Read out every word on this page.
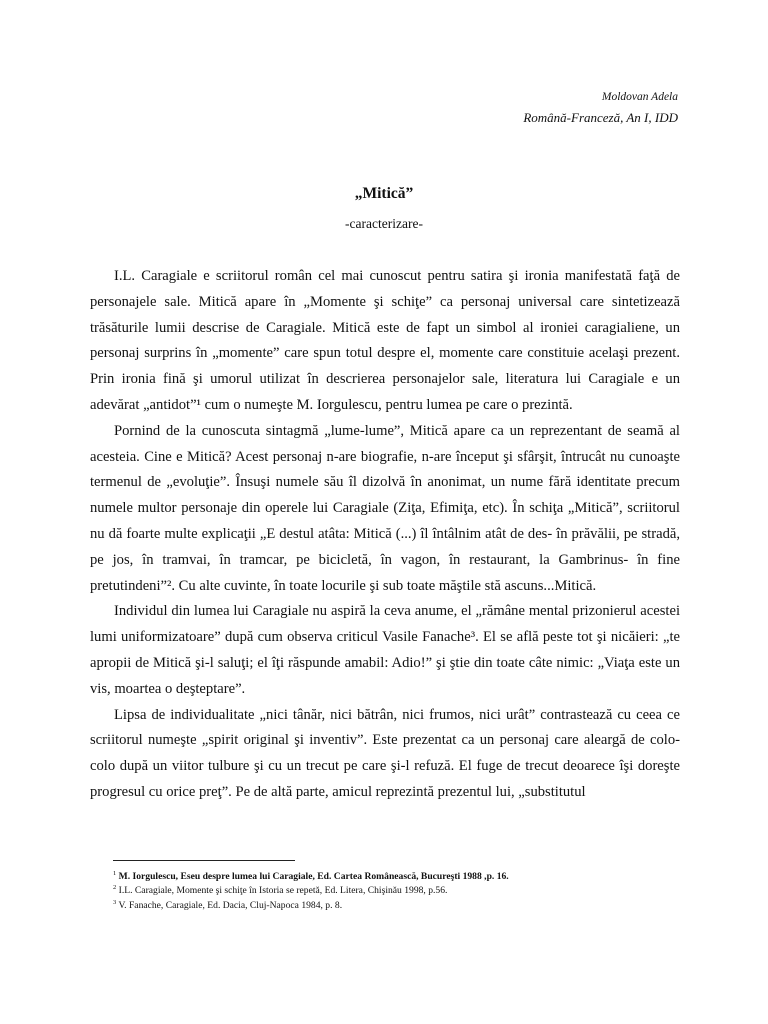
Moldovan Adela
Română-Franceză, An I, IDD
„Mitică”
-caracterizare-

I.L. Caragiale e scriitorul român cel mai cunoscut pentru satira şi ironia manifestată faţă de personajele sale. Mitică apare în „Momente şi schiţe” ca personaj universal care sintetizează trăsăturile lumii descrise de Caragiale. Mitică este de fapt un simbol al ironiei caragialiene, un personaj surprins în „momente” care spun totul despre el, momente care constituie acelaşi prezent. Prin ironia fină şi umorul utilizat în descrierea personajelor sale, literatura lui Caragiale e un adevărat „antidot”¹ cum o numeşte M. Iorgulescu, pentru lumea pe care o prezintă.

Pornind de la cunoscuta sintagmă „lume-lume”, Mitică apare ca un reprezentant de seamă al acesteia. Cine e Mitică? Acest personaj n-are biografie, n-are început şi sfârşit, întrucât nu cunoaşte termenul de „evoluţie”. Însuşi numele său îl dizolvă în anonimat, un nume fără identitate precum numele multor personaje din operele lui Caragiale (Ziţa, Efimiţa, etc). În schiţa „Mitică”, scriitorul nu dă foarte multe explicaţii „E destul atâta: Mitică (...) îl întâlnim atât de des- în prăvălii, pe stradă, pe jos, în tramvai, în tramcar, pe bicicletă, în vagon, în restaurant, la Gambrinus- în fine pretutindeni”². Cu alte cuvinte, în toate locurile şi sub toate măştile stă ascuns...Mitică.

Individul din lumea lui Caragiale nu aspiră la ceva anume, el „rămâne mental prizonierul acestei lumi uniformizatoare” după cum observa criticul Vasile Fanache³. El se află peste tot şi nicăieri: „te apropii de Mitică şi-l saluţi; el îţi răspunde amabil: Adio!” şi ştie din toate câte nimic: „Viaţa este un vis, moartea o deşteptare”.

Lipsa de individualitate „nici tânăr, nici bătrân, nici frumos, nici urât” contrastează cu ceea ce scriitorul numeşte „spirit original şi inventiv”. Este prezentat ca un personaj care aleargă de colo-colo după un viitor tulbure şi cu un trecut pe care şi-l refuză. El fuge de trecut deoarece îşi doreşte progresul cu orice preţ”. Pe de altă parte, amicul reprezintă prezentul lui, „substitutul

$^1$ M. Iorgulescu, Eseu despre lumea lui Caragiale, Ed. Cartea Românească, Bucureşti 1988 ,p. 16.
$^2$ I.L. Caragiale, Momente şi schiţe în Istoria se repetă, Ed. Litera, Chişinău 1998, p.56.
$^3$ V. Fanache, Caragiale, Ed. Dacia, Cluj-Napoca 1984, p. 8.
